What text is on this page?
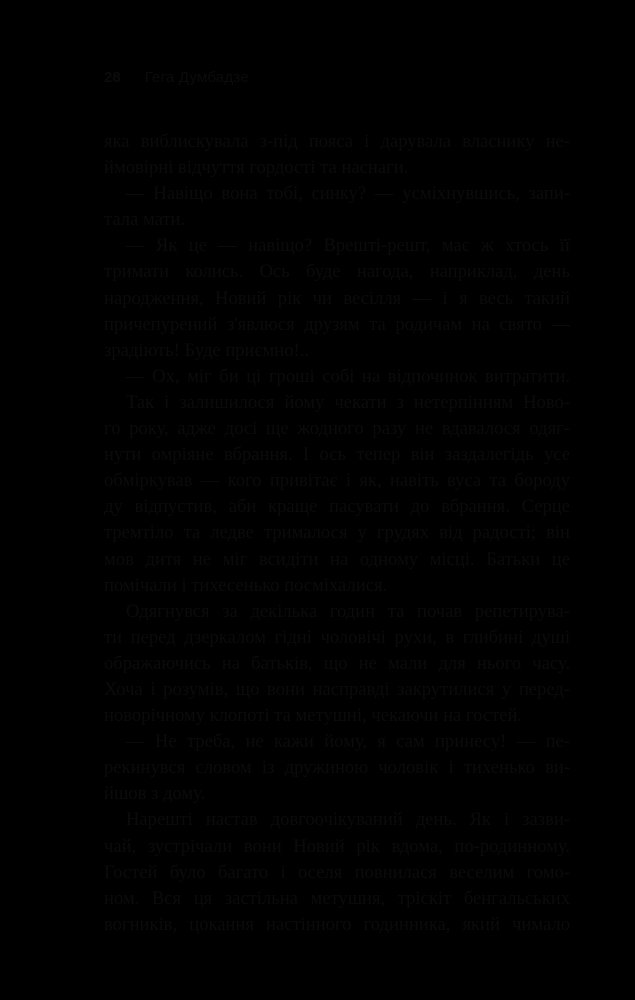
28 Гега Думбадзе
яка виблискувала з-під пояса і дарувала власнику не-
ймовірні відчуття гордості та наснаги.
— Навіщо вона тобі, синку? — усміхнувшись, запи-
тала мати.
— Як це — навіщо? Врешті-решт, має ж хтось її
тримати колись. Ось буде нагода, наприклад, день
народження, Новий рік чи весілля — і я весь такий
причепурений з'явлюся друзям та родичам на свято —
зрадіють! Буде приємно!..
— Ох, міг би ці гроші собі на відпочинок витратити.
Так і залишилося йому чекати з нетерпінням Ново-
го року, адже досі ще жодного разу не вдавалося одяг-
нути омріяне вбрання. І ось тепер він заздалегідь усе
обміркував — кого привітає і як, навіть вуса та бороду
ду відпустив, аби краще пасувати до вбрання. Серце
тремтіло та ледве трималося у грудях від радості; він
мов дитя не міг всидіти на одному місці. Батьки це
помічали і тихесенько посміхалися.
Одягнувся за декілька годин та почав репетирува-
ти перед дзеркалом гідні чоловічі рухи, в глибині душі
ображаючись на батьків, що не мали для нього часу.
Хоча і розумів, що вони насправді закрутилися у перед-
новорічному клопоті та метушні, чекаючи на гостей.
— Не треба, не кажи йому, я сам принесу! — пе-
рекинувся словом із дружиною чоловік і тихенько ви-
йшов з дому.
Нарешті настав довгоочікуваний день. Як і зазви-
чай, зустрічали вони Новий рік вдома, по-родинному.
Гостей було багато і оселя повнилася веселим гомо-
ном. Вся ця застільна метушня, тріскіт бенгальських
вогників, цокання настінного годинника, який чимало
